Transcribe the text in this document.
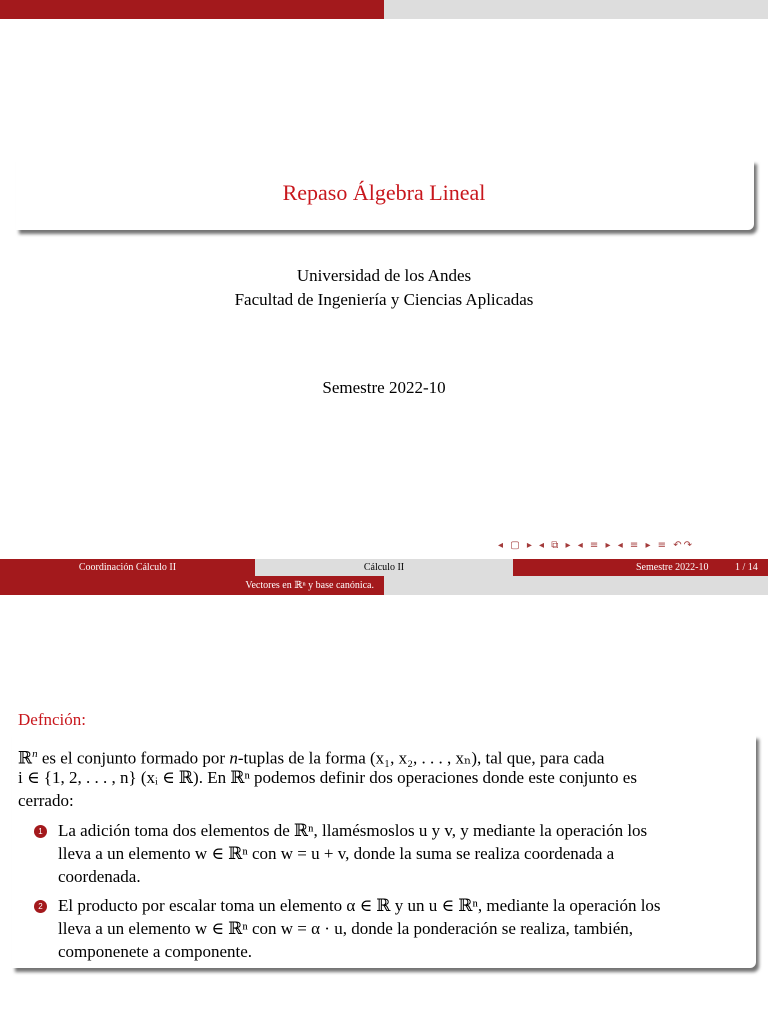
Repaso Álgebra Lineal
Universidad de los Andes
Facultad de Ingeniería y Ciencias Aplicadas
Semestre 2022-10
◂ ▢ ▸ ◂ ⧉ ▸ ◂ ≡ ▸ ◂ ≡ ▸ ≡ ↶↷
Coordinación Cálculo II	Cálculo II	Semestre 2022-10	1 / 14
Vectores en ℝⁿ y base canónica.
Defnción:
ℝ$^n$ es el conjunto formado por n-tuplas de la forma (x₁, x₂, . . . , xₙ), tal que, para cada
i ∈ {1, 2, . . . , n} (xᵢ ∈ ℝ). En ℝⁿ podemos definir dos operaciones donde este conjunto es
cerrado:
1 La adición toma dos elementos de ℝⁿ, llamésmoslos u y v, y mediante la operación los
lleva a un elemento w ∈ ℝⁿ con w = u + v, donde la suma se realiza coordenada a
coordenada.
2 El producto por escalar toma un elemento α ∈ ℝ y un u ∈ ℝⁿ, mediante la operación los
lleva a un elemento w ∈ ℝⁿ con w = α · u, donde la ponderación se realiza, también,
componenete a componente.
